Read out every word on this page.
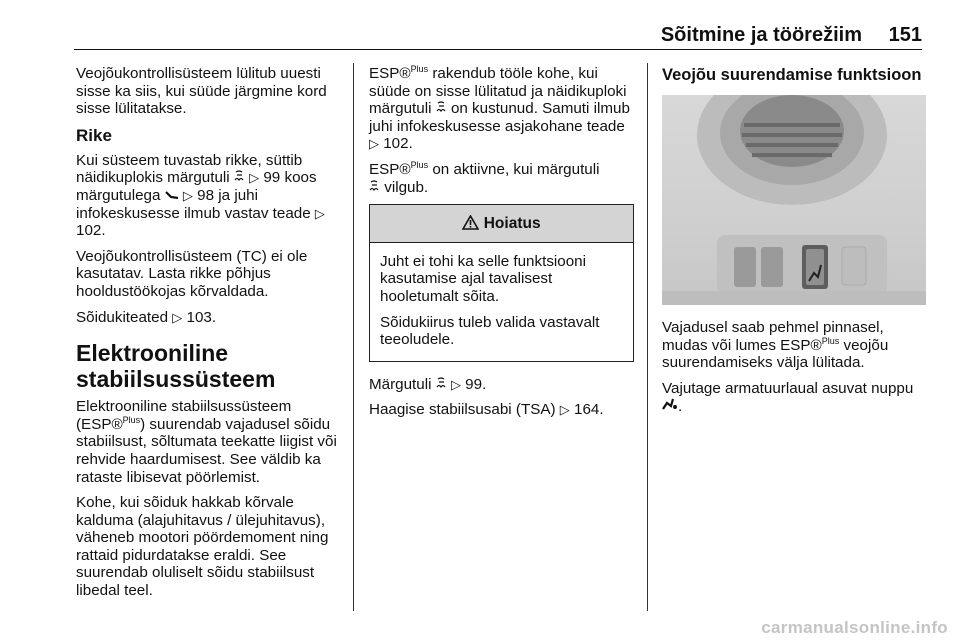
Sõitmine ja töörežiim 151

Veojõukontrollisüsteem lülitub uuesti sisse ka siis, kui süüde järgmine kord sisse lülitatakse.

Rike

Kui süsteem tuvastab rikke, süttib näidikuplokis märgutuli ▷ 99 koos märgutulega ▷ 98 ja juhi infokeskusesse ilmub vastav teade ▷ 102.

Veojõukontrollisüsteem (TC) ei ole kasutatav. Lasta rikke põhjus hooldustöökojas kõrvaldada.

Sõidukiteated ▷ 103.

Elektrooniline stabiilsussüsteem

Elektrooniline stabiilsussüsteem (ESP®$^{Plus}$) suurendab vajadusel sõidu stabiilsust, sõltumata teekatte liigist või rehvide haardumisest. See väldib ka rataste libisevat pöörlemist.

Kohe, kui sõiduk hakkab kõrvale kalduma (alajuhitavus / ülejuhitavus), väheneb mootori pöördemoment ning rattaid pidurdatakse eraldi. See suurendab oluliselt sõidu stabiilsust libedal teel.

ESP®$^{Plus}$ rakendub tööle kohe, kui süüde on sisse lülitatud ja näidikuploki märgutuli on kustunud. Samuti ilmub juhi infokeskusesse asjakohane teade ▷ 102.

ESP®$^{Plus}$ on aktiivne, kui märgutuli
vilgub.

Hoiatus

Juht ei tohi ka selle funktsiooni kasutamise ajal tavalisest hooletumalt sõita.

Sõidukiirus tuleb valida vastavalt teeoludele.

Märgutuli ▷ 99.

Haagise stabiilsusabi (TSA) ▷ 164.

Veojõu suurendamise funktsioon

Vajadusel saab pehmel pinnasel, mudas või lumes ESP®$^{Plus}$ veojõu suurendamiseks välja lülitada.

Vajutage armatuurlaual asuvat nuppu
.

carmanualsonline.info
